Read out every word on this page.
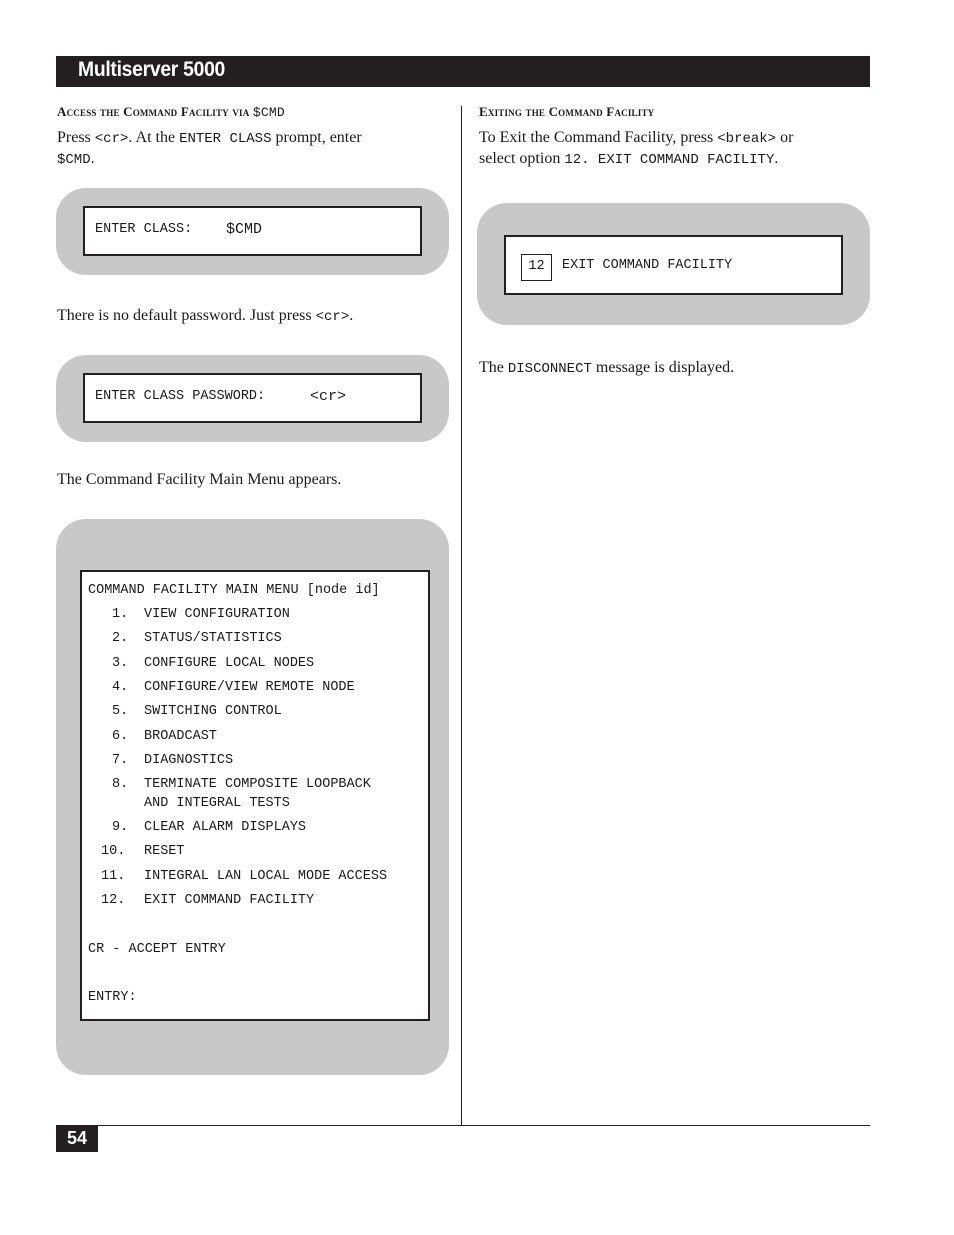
Multiserver 5000
Access the Command Facility via $CMD
Press <cr>. At the ENTER CLASS prompt, enter
$CMD.
ENTER CLASS: $CMD
There is no default password. Just press <cr>.
ENTER CLASS PASSWORD:	<cr>
The Command Facility Main Menu appears.
COMMAND FACILITY MAIN MENU [node id]
1. VIEW CONFIGURATION
2. STATUS/STATISTICS
3. CONFIGURE LOCAL NODES
4. CONFIGURE/VIEW REMOTE NODE
5. SWITCHING CONTROL
6. BROADCAST
7. DIAGNOSTICS
8. TERMINATE COMPOSITE LOOPBACK
AND INTEGRAL TESTS
9. CLEAR ALARM DISPLAYS
10. RESET
11. INTEGRAL LAN LOCAL MODE ACCESS
12. EXIT COMMAND FACILITY
CR - ACCEPT ENTRY
ENTRY:
Exiting the Command Facility
To Exit the Command Facility, press <break> or
select option 12. EXIT COMMAND FACILITY.
12	EXIT COMMAND FACILITY
The DISCONNECT message is displayed.
54
